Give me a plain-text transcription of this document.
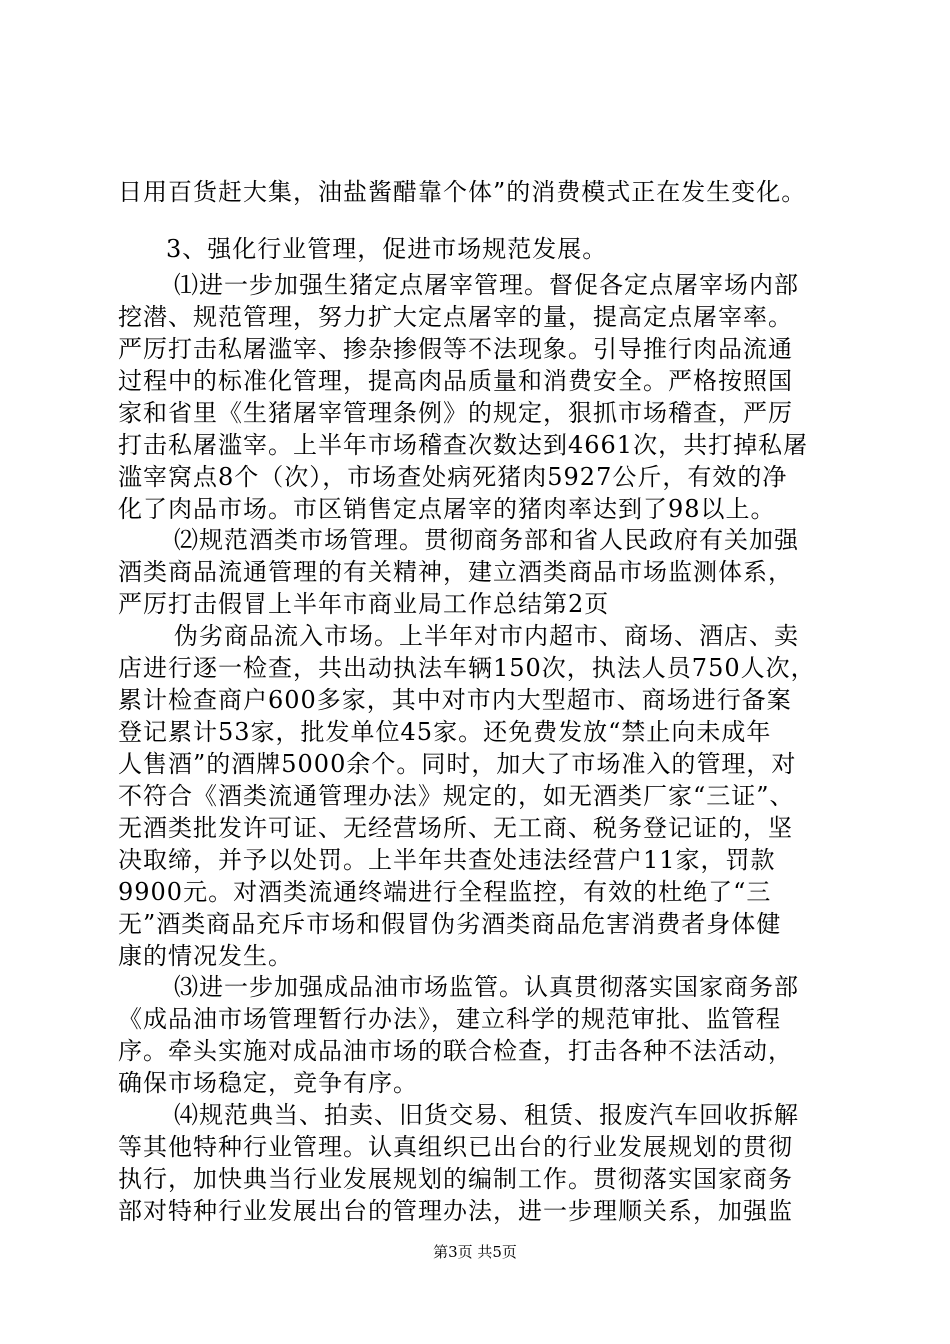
日用百货赶大集，油盐酱醋靠个体”的消费模式正在发生变化。

3、强化行业管理，促进市场规范发展。

⑴进一步加强生猪定点屠宰管理。督促各定点屠宰场内部

挖潜、规范管理，努力扩大定点屠宰的量，提高定点屠宰率。

严厉打击私屠滥宰、掺杂掺假等不法现象。引导推行肉品流通

过程中的标准化管理，提高肉品质量和消费安全。严格按照国

家和省里《生猪屠宰管理条例》的规定，狠抓市场稽查，严厉

打击私屠滥宰。上半年市场稽查次数达到4661次，共打掉私屠

滥宰窝点8个（次），市场查处病死猪肉5927公斤，有效的净

化了肉品市场。市区销售定点屠宰的猪肉率达到了98以上。

⑵规范酒类市场管理。贯彻商务部和省人民政府有关加强

酒类商品流通管理的有关精神，建立酒类商品市场监测体系，

严厉打击假冒上半年市商业局工作总结第2页

伪劣商品流入市场。上半年对市内超市、商场、酒店、卖

店进行逐一检查，共出动执法车辆150次，执法人员750人次，

累计检查商户600多家，其中对市内大型超市、商场进行备案

登记累计53家，批发单位45家。还免费发放“禁止向未成年

人售酒”的酒牌5000余个。同时，加大了市场准入的管理，对

不符合《酒类流通管理办法》规定的，如无酒类厂家“三证”、

无酒类批发许可证、无经营场所、无工商、税务登记证的，坚

决取缔，并予以处罚。上半年共查处违法经营户11家，罚款

9900元。对酒类流通终端进行全程监控，有效的杜绝了“三

无”酒类商品充斥市场和假冒伪劣酒类商品危害消费者身体健

康的情况发生。

⑶进一步加强成品油市场监管。认真贯彻落实国家商务部

《成品油市场管理暂行办法》，建立科学的规范审批、监管程

序。牵头实施对成品油市场的联合检查，打击各种不法活动，

确保市场稳定，竞争有序。

⑷规范典当、拍卖、旧货交易、租赁、报废汽车回收拆解

等其他特种行业管理。认真组织已出台的行业发展规划的贯彻

执行，加快典当行业发展规划的编制工作。贯彻落实国家商务

部对特种行业发展出台的管理办法，进一步理顺关系，加强监

第3页 共5页
